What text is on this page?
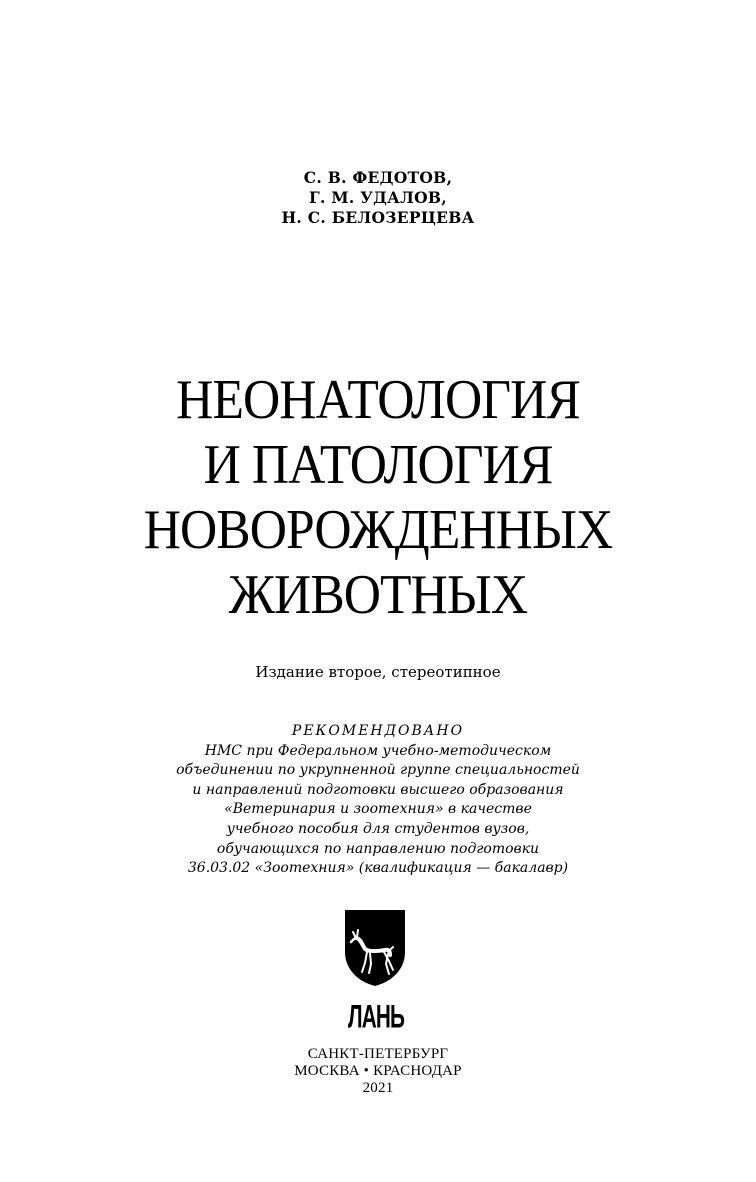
С. В. ФЕДОТОВ,
Г. М. УДАЛОВ,
Н. С. БЕЛОЗЕРЦЕВА
НЕОНАТОЛОГИЯ
И ПАТОЛОГИЯ
НОВОРОЖДЕННЫХ
ЖИВОТНЫХ
Издание второе, стереотипное
РЕКОМЕНДОВАНО
НМС при Федеральном учебно-методическом
объединении по укрупненной группе специальностей
и направлений подготовки высшего образования
«Ветеринария и зоотехния» в качестве
учебного пособия для студентов вузов,
обучающихся по направлению подготовки
36.03.02 «Зоотехния» (квалификация — бакалавр)
ЛАНЬ
САНКТ-ПЕТЕРБУРГ
МОСКВА • КРАСНОДАР
2021
